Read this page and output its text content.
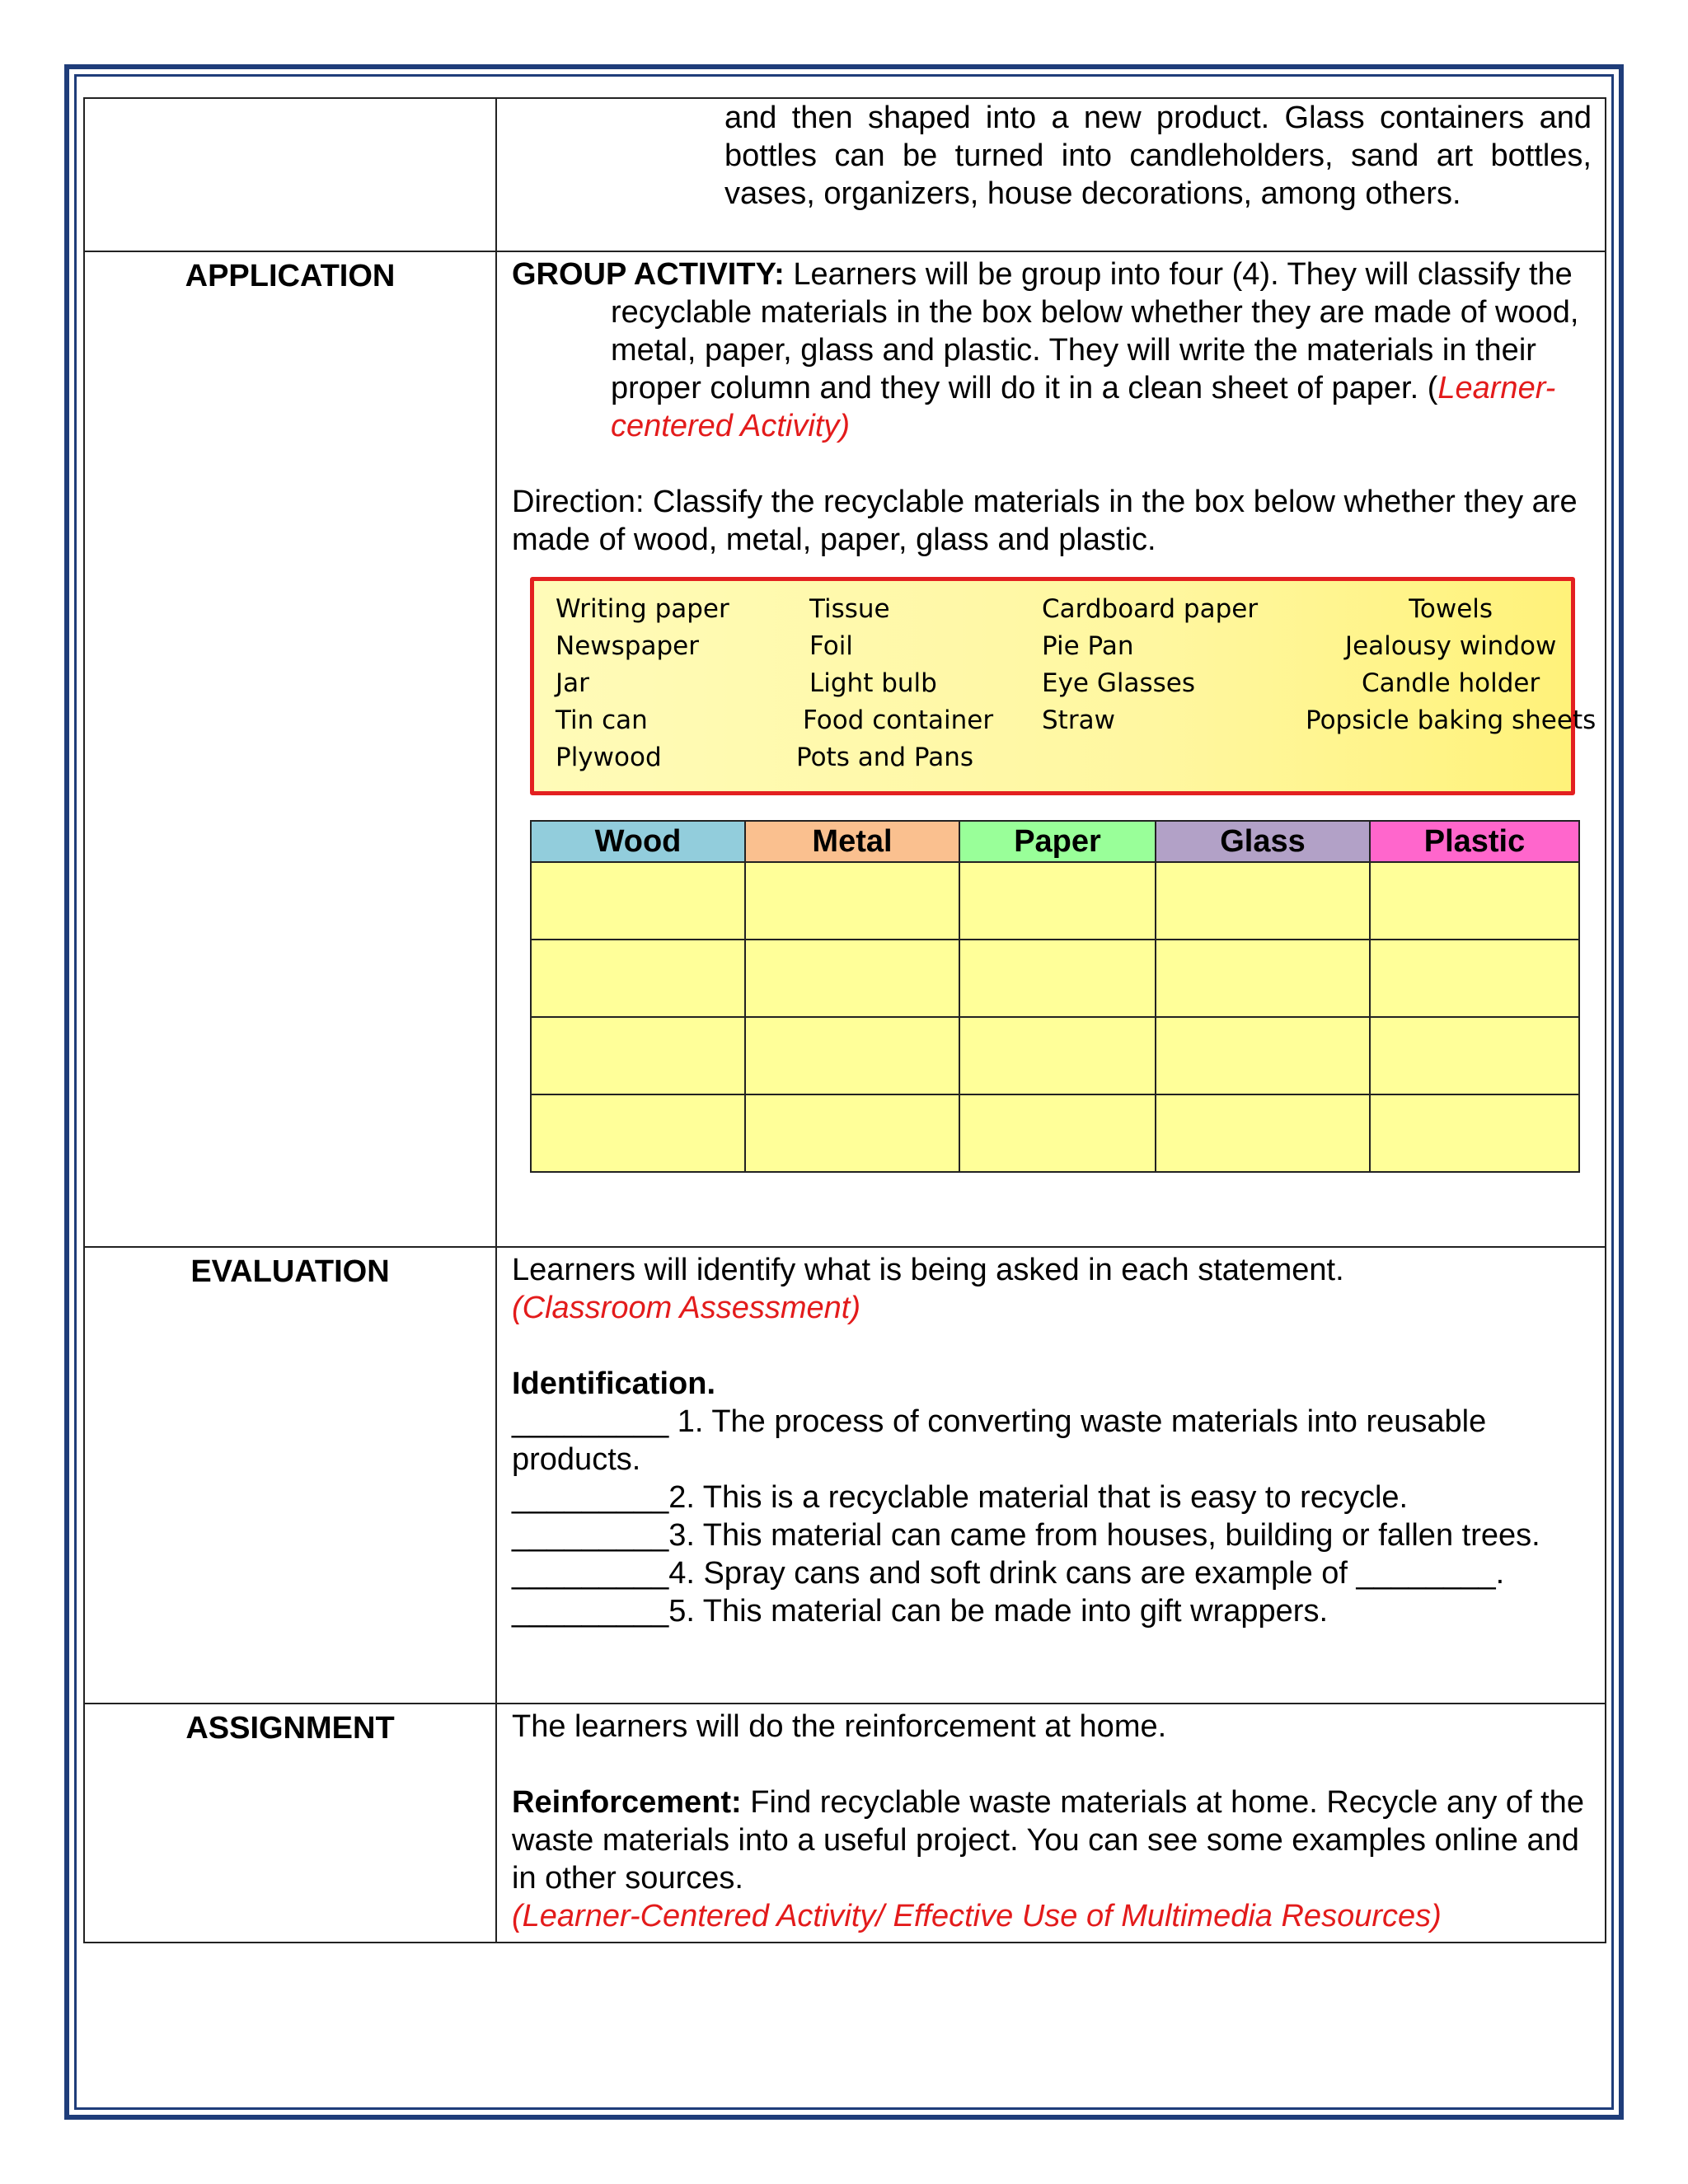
and then shaped into a new product. Glass containers and bottles can be turned into candleholders, sand art bottles, vases, organizers, house decorations, among others.

APPLICATION	GROUP ACTIVITY: Learners will be group into four (4). They will classify the recyclable materials in the box below whether they are made of wood, metal, paper, glass and plastic. They will write the materials in their proper column and they will do it in a clean sheet of paper. (Learner-centered Activity)

Direction: Classify the recyclable materials in the box below whether they are made of wood, metal, paper, glass and plastic.

Writing paper	Tissue	Cardboard paper	Towels
Newspaper	Foil	Pie Pan	Jealousy window
Jar	Light bulb	Eye Glasses	Candle holder
Tin can	Food container	Straw	Popsicle baking sheets
Plywood	Pots and Pans
Wood	Metal	Paper	Glass	Plastic

EVALUATION	Learners will identify what is being asked in each statement.

(Classroom Assessment)

Identification.

_________ 1. The process of converting waste materials into reusable products.

_________2. This is a recyclable material that is easy to recycle.

_________3. This material can came from houses, building or fallen trees.

_________4. Spray cans and soft drink cans are example of ________.

_________5. This material can be made into gift wrappers.

ASSIGNMENT	The learners will do the reinforcement at home.

Reinforcement: Find recyclable waste materials at home. Recycle any of the waste materials into a useful project. You can see some examples online and in other sources.

(Learner-Centered Activity/ Effective Use of Multimedia Resources)
